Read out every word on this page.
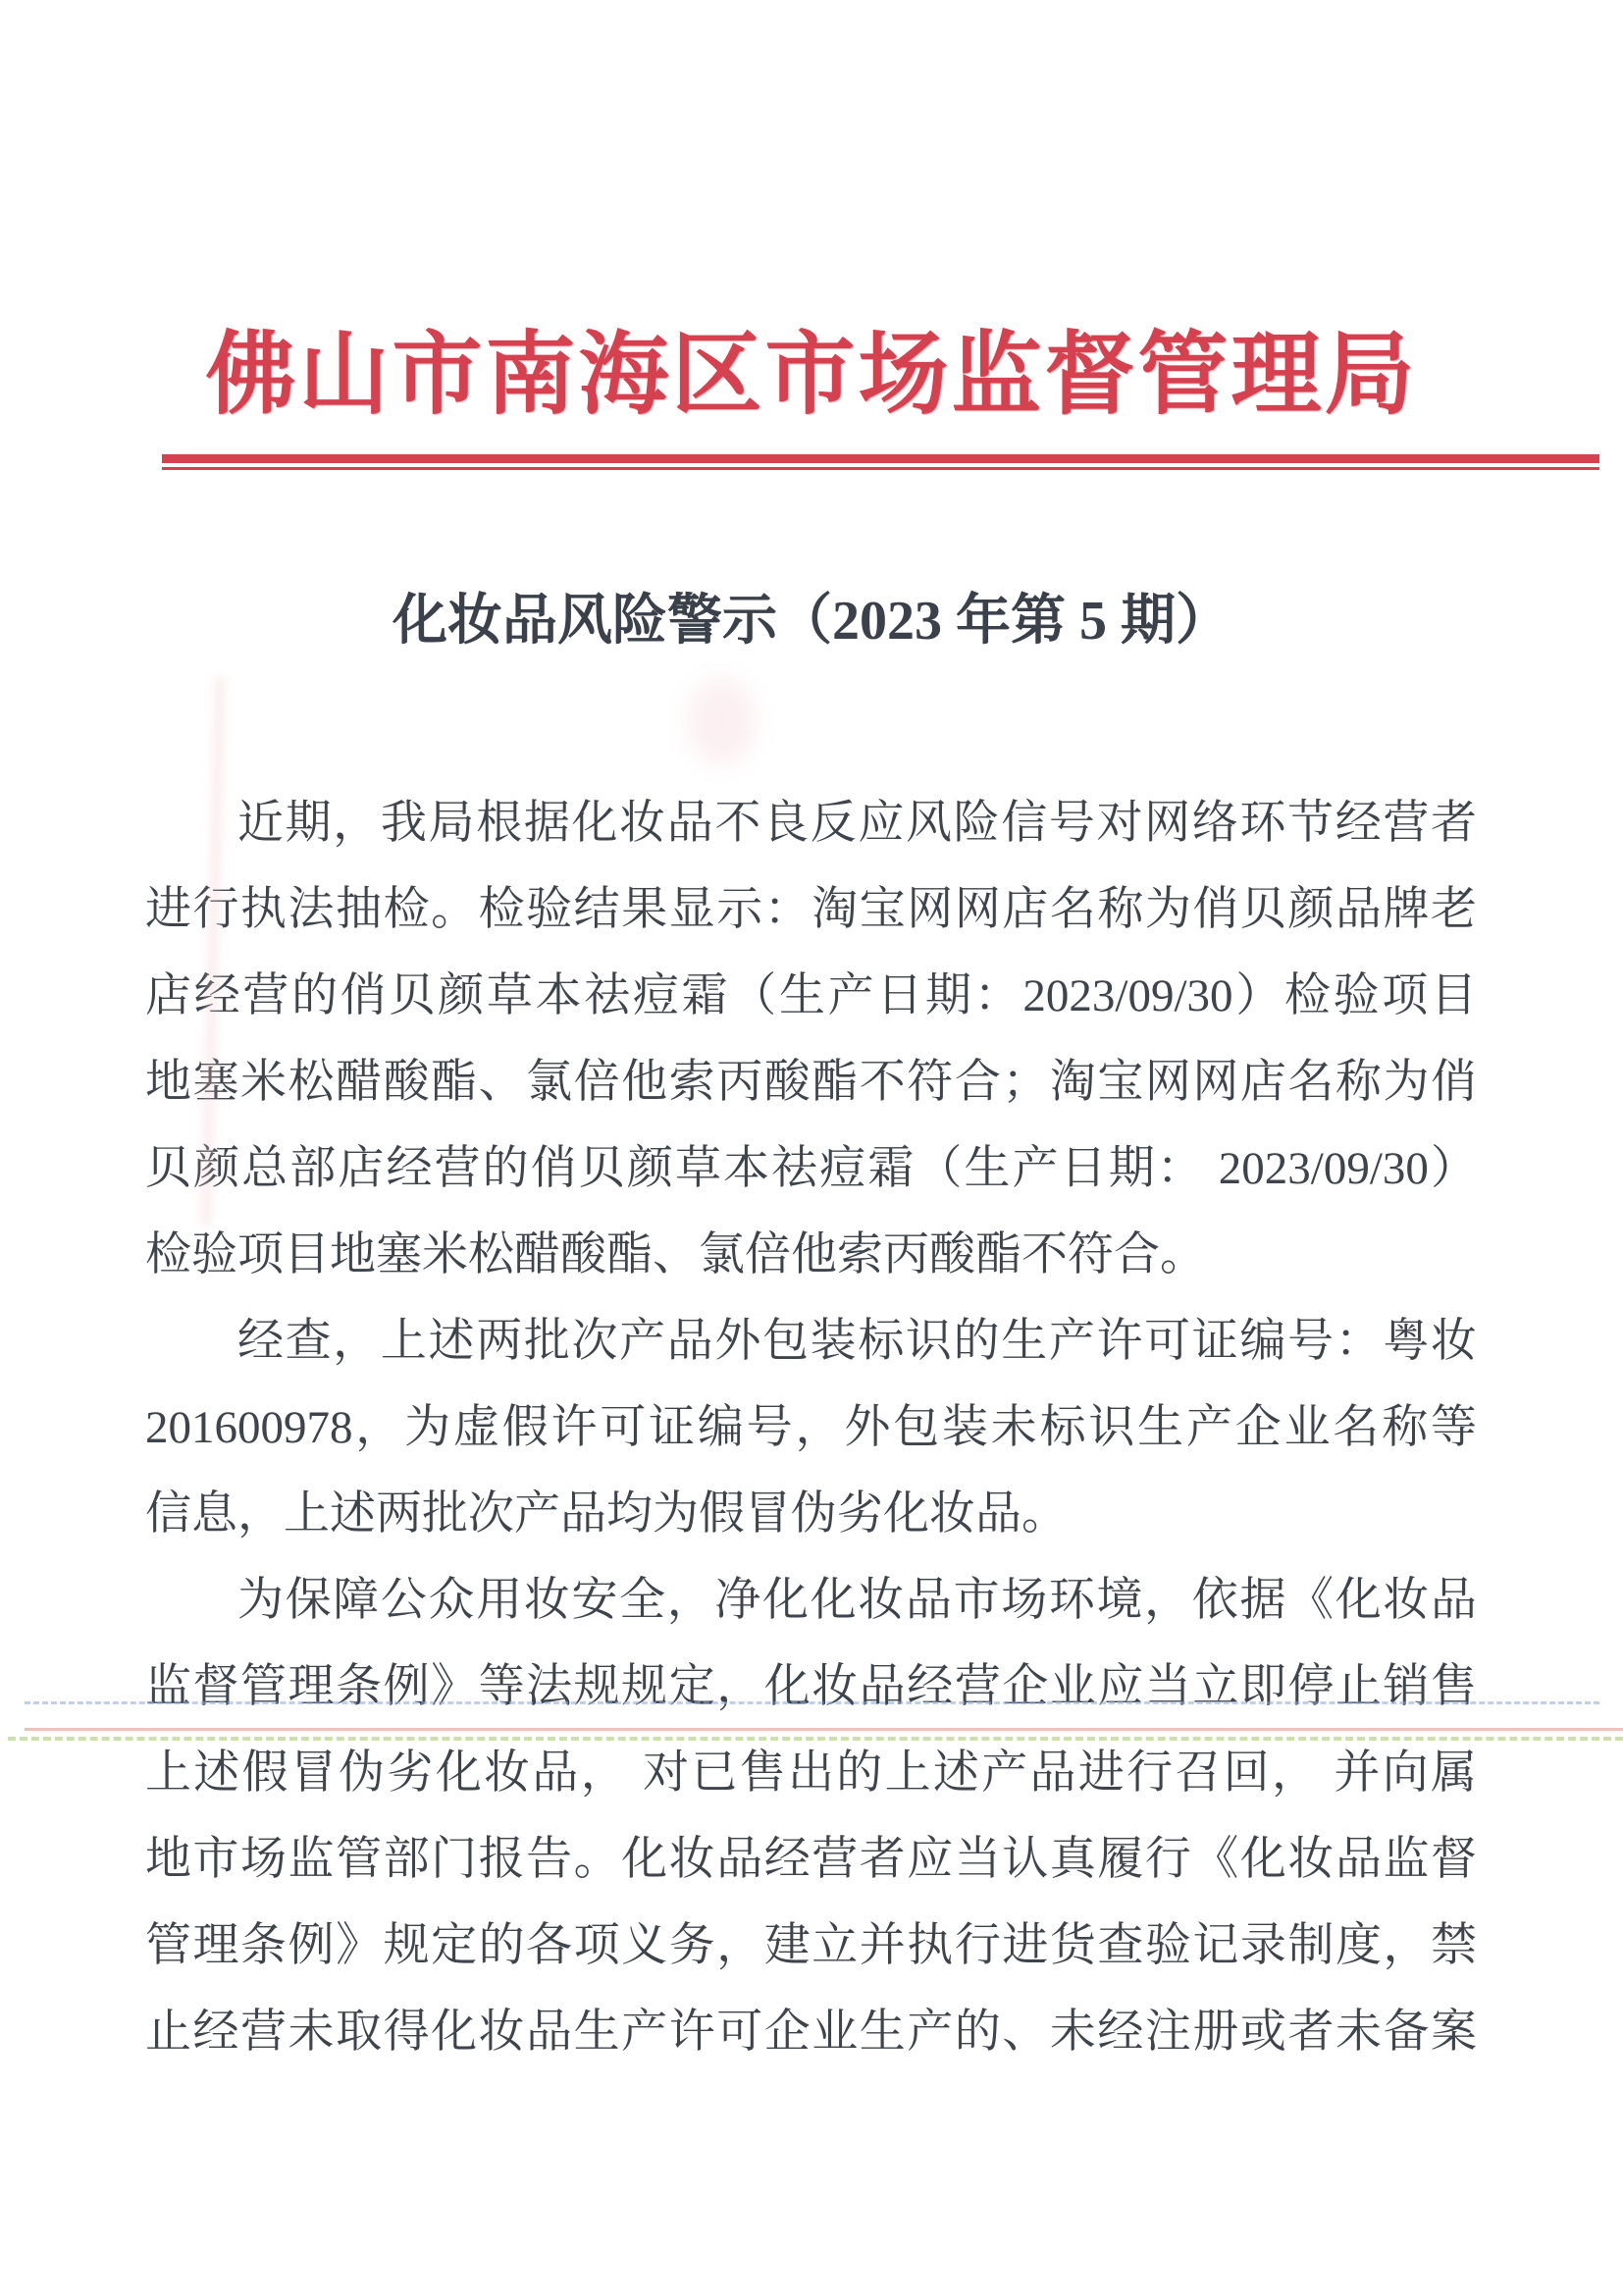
佛山市南海区市场监督管理局
化妆品风险警示（2023 年第 5 期）
近期，我局根据化妆品不良反应风险信号对网络环节经营者
进行执法抽检。检验结果显示：淘宝网网店名称为俏贝颜品牌老
店经营的俏贝颜草本祛痘霜（生产日期：2023/09/30）检验项目
地塞米松醋酸酯、氯倍他索丙酸酯不符合；淘宝网网店名称为俏
贝颜总部店经营的俏贝颜草本祛痘霜（生产日期： 2023/09/30）
检验项目地塞米松醋酸酯、氯倍他索丙酸酯不符合。
经查，上述两批次产品外包装标识的生产许可证编号：粤妆
201600978，为虚假许可证编号，外包装未标识生产企业名称等
信息，上述两批次产品均为假冒伪劣化妆品。
为保障公众用妆安全，净化化妆品市场环境，依据《化妆品
监督管理条例》等法规规定，化妆品经营企业应当立即停止销售
上述假冒伪劣化妆品， 对已售出的上述产品进行召回， 并向属
地市场监管部门报告。化妆品经营者应当认真履行《化妆品监督
管理条例》规定的各项义务，建立并执行进货查验记录制度，禁
止经营未取得化妆品生产许可企业生产的、未经注册或者未备案
